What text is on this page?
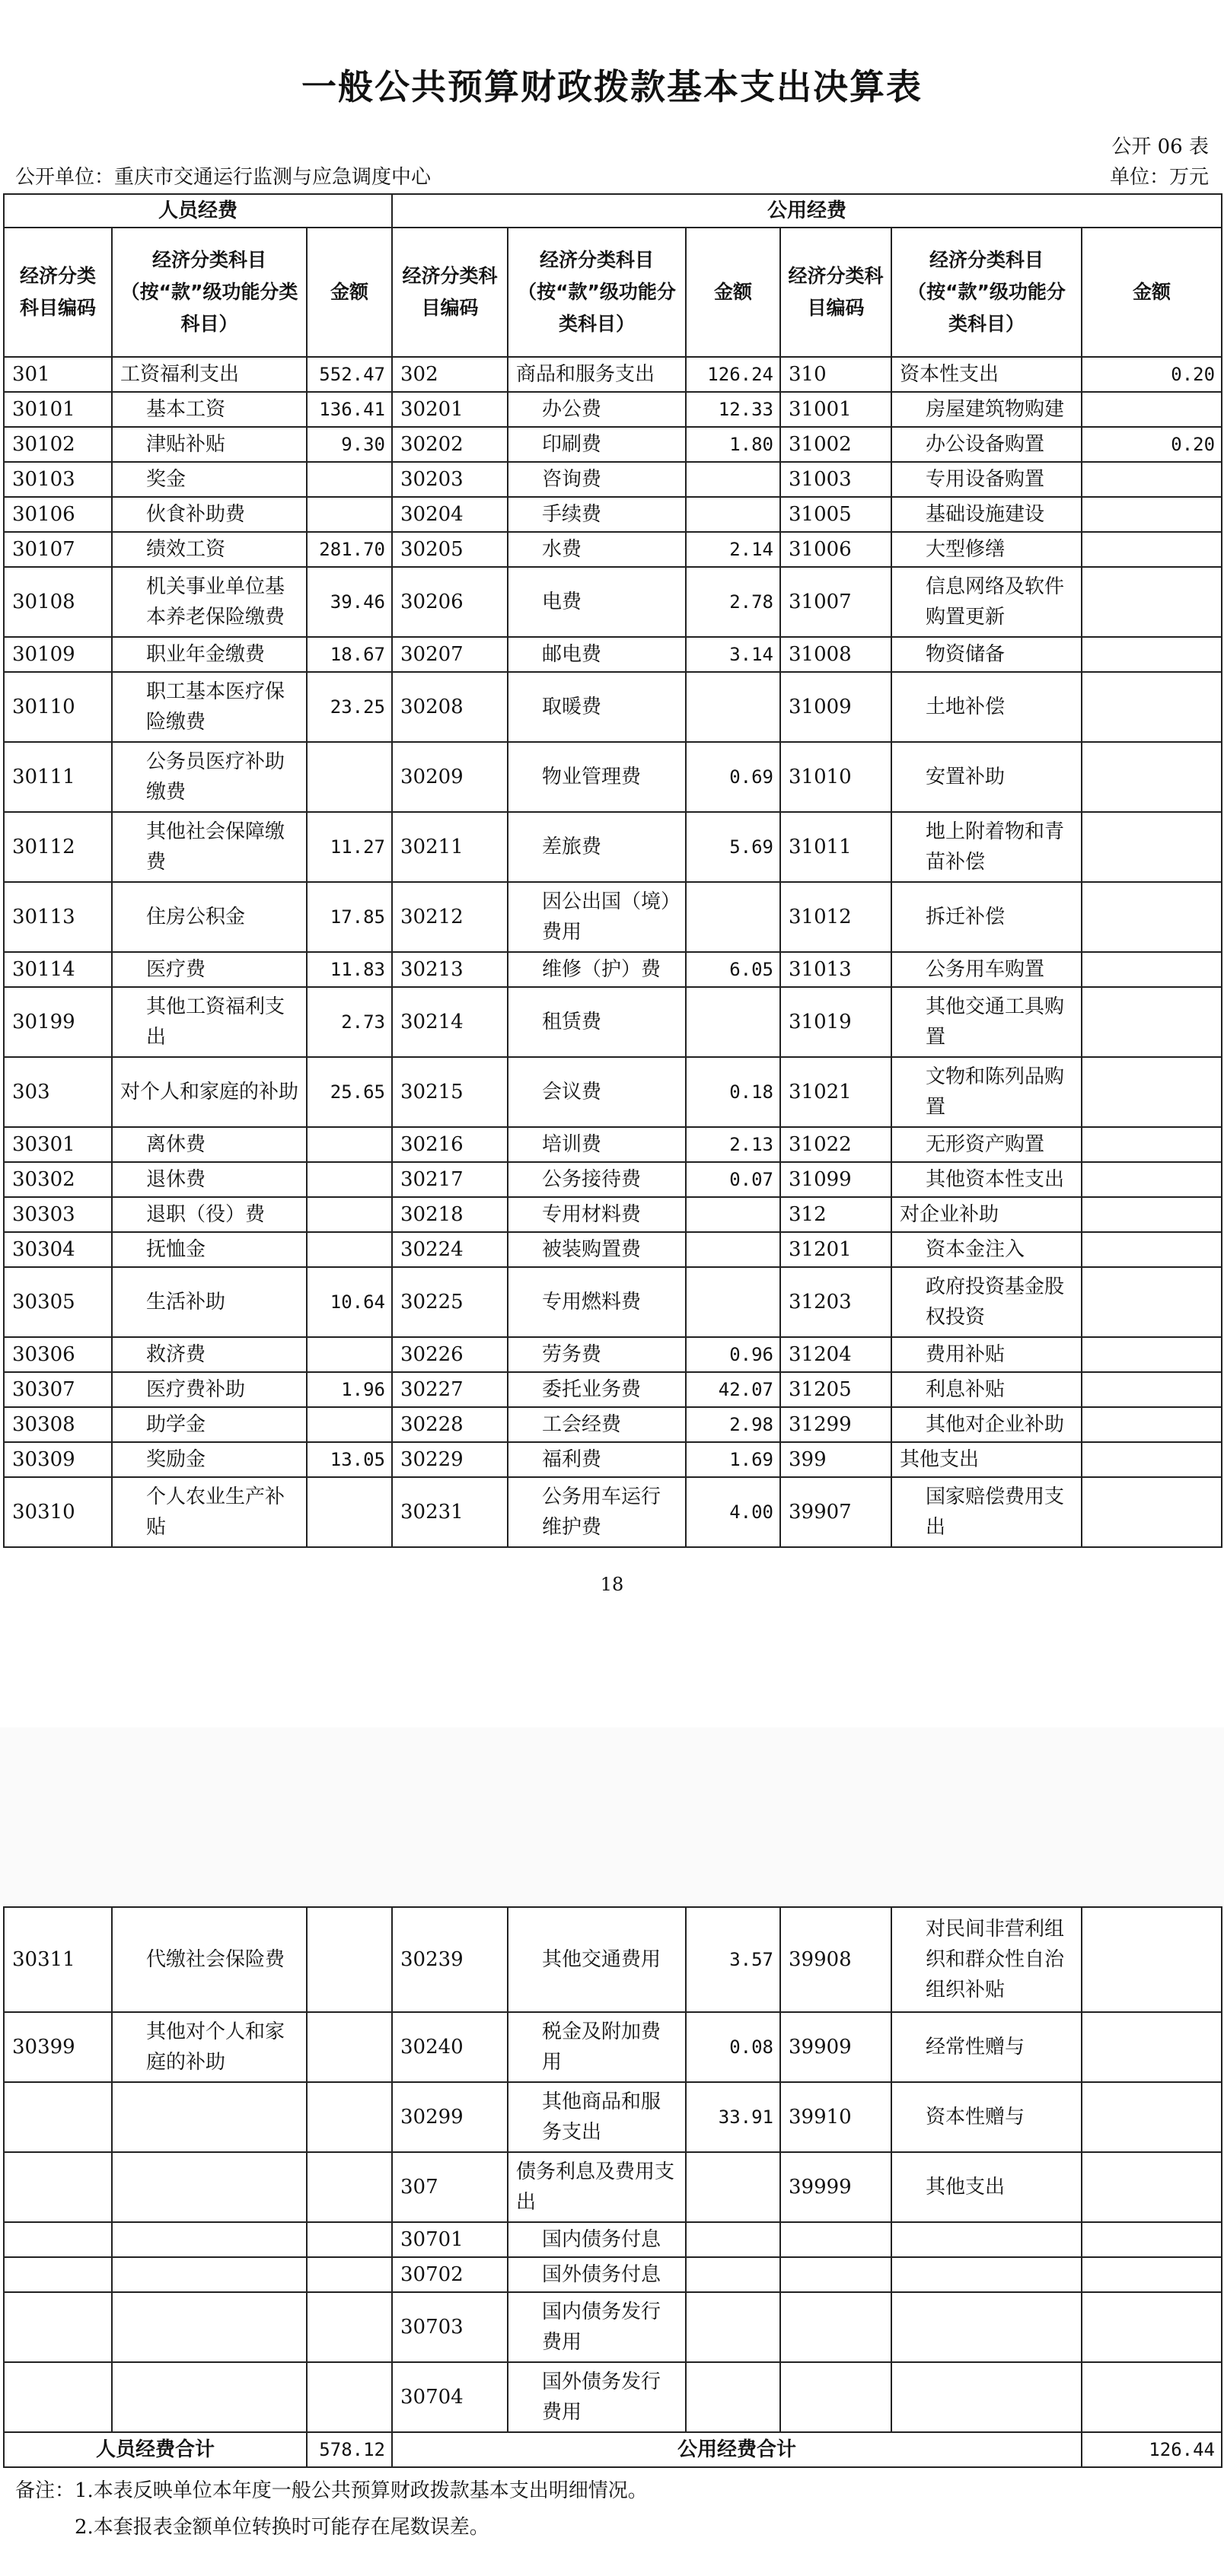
一般公共预算财政拨款基本支出决算表
公开 06 表
公开单位：重庆市交通运行监测与应急调度中心	单位：万元
人员经费			公用经费					
经济分类科目编码	经济分类科目（按“款”级功能分类科目）	金额	经济分类科目编码	经济分类科目（按“款”级功能分类科目）	金额	经济分类科目编码	经济分类科目（按“款”级功能分类科目）	金额
301	工资福利支出	552.47	302	商品和服务支出	126.24	310	资本性支出	0.20
30101	基本工资	136.41	30201	办公费	12.33	31001	房屋建筑物购建	
30102	津贴补贴	9.30	30202	印刷费	1.80	31002	办公设备购置	0.20
30103	奖金		30203	咨询费		31003	专用设备购置	
30106	伙食补助费		30204	手续费		31005	基础设施建设	
30107	绩效工资	281.70	30205	水费	2.14	31006	大型修缮	
30108	机关事业单位基本养老保险缴费	39.46	30206	电费	2.78	31007	信息网络及软件购置更新	
30109	职业年金缴费	18.67	30207	邮电费	3.14	31008	物资储备	
30110	职工基本医疗保险缴费	23.25	30208	取暖费		31009	土地补偿	
30111	公务员医疗补助缴费		30209	物业管理费	0.69	31010	安置补助	
30112	其他社会保障缴费	11.27	30211	差旅费	5.69	31011	地上附着物和青苗补偿	
30113	住房公积金	17.85	30212	因公出国（境）费用		31012	拆迁补偿	
30114	医疗费	11.83	30213	维修（护）费	6.05	31013	公务用车购置	
30199	其他工资福利支出	2.73	30214	租赁费		31019	其他交通工具购置	
303	对个人和家庭的补助	25.65	30215	会议费	0.18	31021	文物和陈列品购置	
30301	离休费		30216	培训费	2.13	31022	无形资产购置	
30302	退休费		30217	公务接待费	0.07	31099	其他资本性支出	
30303	退职（役）费		30218	专用材料费		312	对企业补助	
30304	抚恤金		30224	被装购置费		31201	资本金注入	
30305	生活补助	10.64	30225	专用燃料费		31203	政府投资基金股权投资	
30306	救济费		30226	劳务费	0.96	31204	费用补贴	
30307	医疗费补助	1.96	30227	委托业务费	42.07	31205	利息补贴	
30308	助学金		30228	工会经费	2.98	31299	其他对企业补助	
30309	奖励金	13.05	30229	福利费	1.69	399	其他支出	
30310	个人农业生产补贴		30231	公务用车运行维护费	4.00	39907	国家赔偿费用支出	
18
30311	代缴社会保险费		30239	其他交通费用	3.57	39908	对民间非营利组织和群众性自治组织补贴	
30399	其他对个人和家庭的补助		30240	税金及附加费用	0.08	39909	经常性赠与	
			30299	其他商品和服务支出	33.91	39910	资本性赠与	
			307	债务利息及费用支出		39999	其他支出	
			30701	国内债务付息				
			30702	国外债务付息				
			30703	国内债务发行费用				
			30704	国外债务发行费用				
人员经费合计		578.12	公用经费合计					126.44
备注：1.本表反映单位本年度一般公共预算财政拨款基本支出明细情况。
2.本套报表金额单位转换时可能存在尾数误差。
